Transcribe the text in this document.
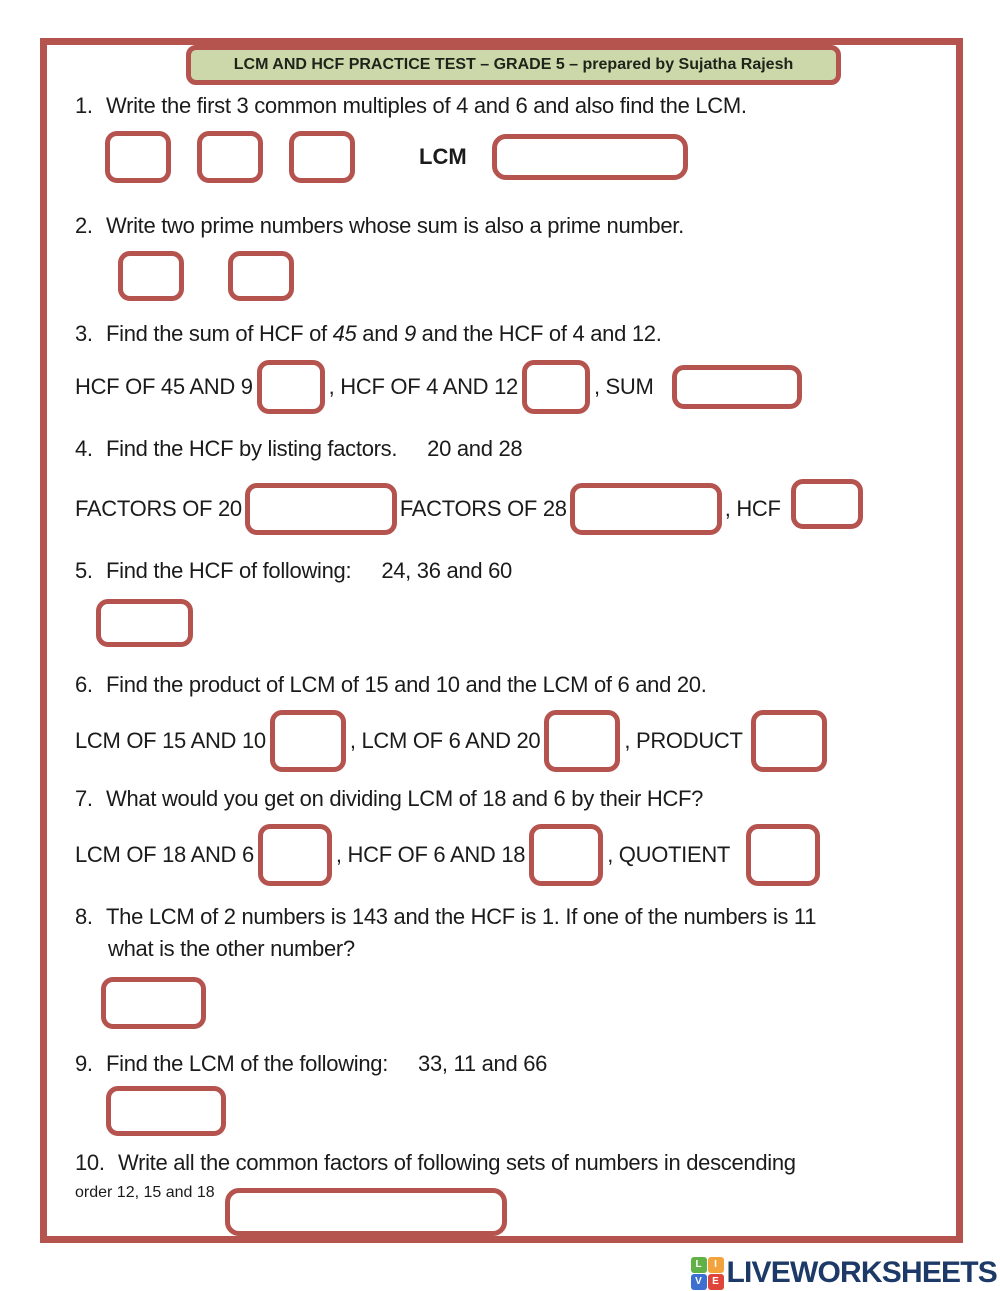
LCM AND HCF PRACTICE TEST – GRADE 5 – prepared by Sujatha Rajesh
1. Write the first 3 common multiples of 4 and 6 and also find the LCM.
LCM
2. Write two prime numbers whose sum is also a prime number.
3. Find the sum of HCF of 45 and 9 and the HCF of 4 and 12.
HCF OF 45 AND 9	, HCF OF 4 AND 12	, SUM
4. Find the HCF by listing factors. 20 and 28
FACTORS OF 20	FACTORS OF 28	, HCF
5. Find the HCF of following: 24, 36 and 60
6. Find the product of LCM of 15 and 10 and the LCM of 6 and 20.
LCM OF 15 AND 10	, LCM OF 6 AND 20	, PRODUCT
7. What would you get on dividing LCM of 18 and 6 by their HCF?
LCM OF 18 AND 6	, HCF OF 6 AND 18	, QUOTIENT
8. The LCM of 2 numbers is 143 and the HCF is 1. If one of the numbers is 11
what is the other number?
9. Find the LCM of the following: 33, 11 and 66
10. Write all the common factors of following sets of numbers in descending
order 12, 15 and 18
L	I
V	E LIVEWORKSHEETS
